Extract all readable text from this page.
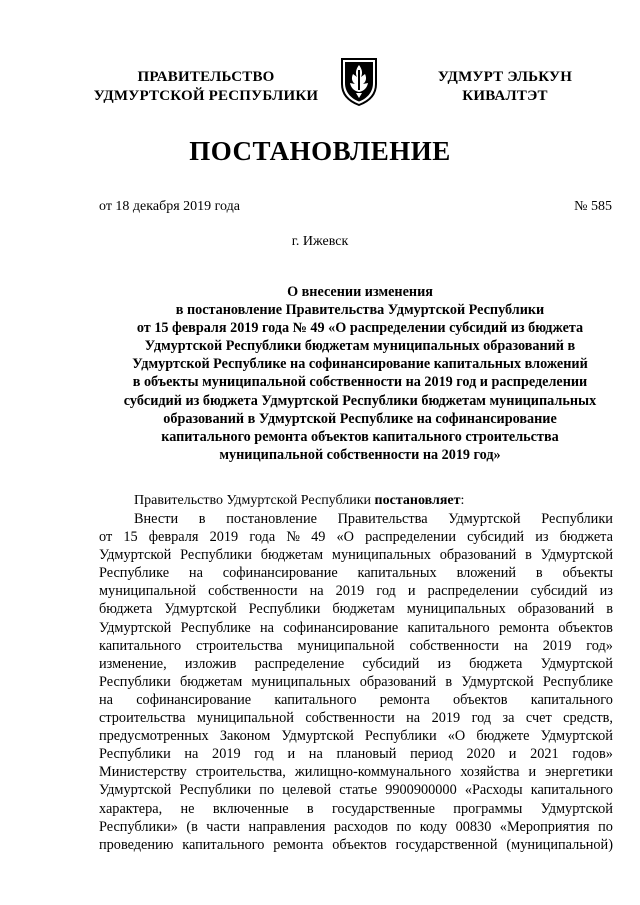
ПРАВИТЕЛЬСТВО
УДМУРТСКОЙ РЕСПУБЛИКИ
УДМУРТ ЭЛЬКУН
КИВАЛТЭТ
ПОСТАНОВЛЕНИЕ
от 18 декабря 2019 года	№ 585
г. Ижевск
О внесении изменения
в постановление Правительства Удмуртской Республики
от 15 февраля 2019 года № 49 «О распределении субсидий из бюджета
Удмуртской Республики бюджетам муниципальных образований в
Удмуртской Республике на софинансирование капитальных вложений
в объекты муниципальной собственности на 2019 год и распределении
субсидий из бюджета Удмуртской Республики бюджетам муниципальных
образований в Удмуртской Республике на софинансирование
капитального ремонта объектов капитального строительства
муниципальной собственности на 2019 год»
Правительство Удмуртской Республики постановляет:
Внести в постановление Правительства Удмуртской Республики
от 15 февраля 2019 года № 49 «О распределении субсидий из бюджета
Удмуртской Республики бюджетам муниципальных образований в Удмуртской
Республике на софинансирование капитальных вложений в объекты
муниципальной собственности на 2019 год и распределении субсидий из
бюджета Удмуртской Республики бюджетам муниципальных образований в
Удмуртской Республике на софинансирование капитального ремонта объектов
капитального строительства муниципальной собственности на 2019 год»
изменение, изложив распределение субсидий из бюджета Удмуртской
Республики бюджетам муниципальных образований в Удмуртской Республике
на софинансирование капитального ремонта объектов капитального
строительства муниципальной собственности на 2019 год за счет средств,
предусмотренных Законом Удмуртской Республики «О бюджете Удмуртской
Республики на 2019 год и на плановый период 2020 и 2021 годов»
Министерству строительства, жилищно-коммунального хозяйства и энергетики
Удмуртской Республики по целевой статье 9900900000 «Расходы капитального
характера, не включенные в государственные программы Удмуртской
Республики» (в части направления расходов по коду 00830 «Мероприятия по
проведению капитального ремонта объектов государственной (муниципальной)
